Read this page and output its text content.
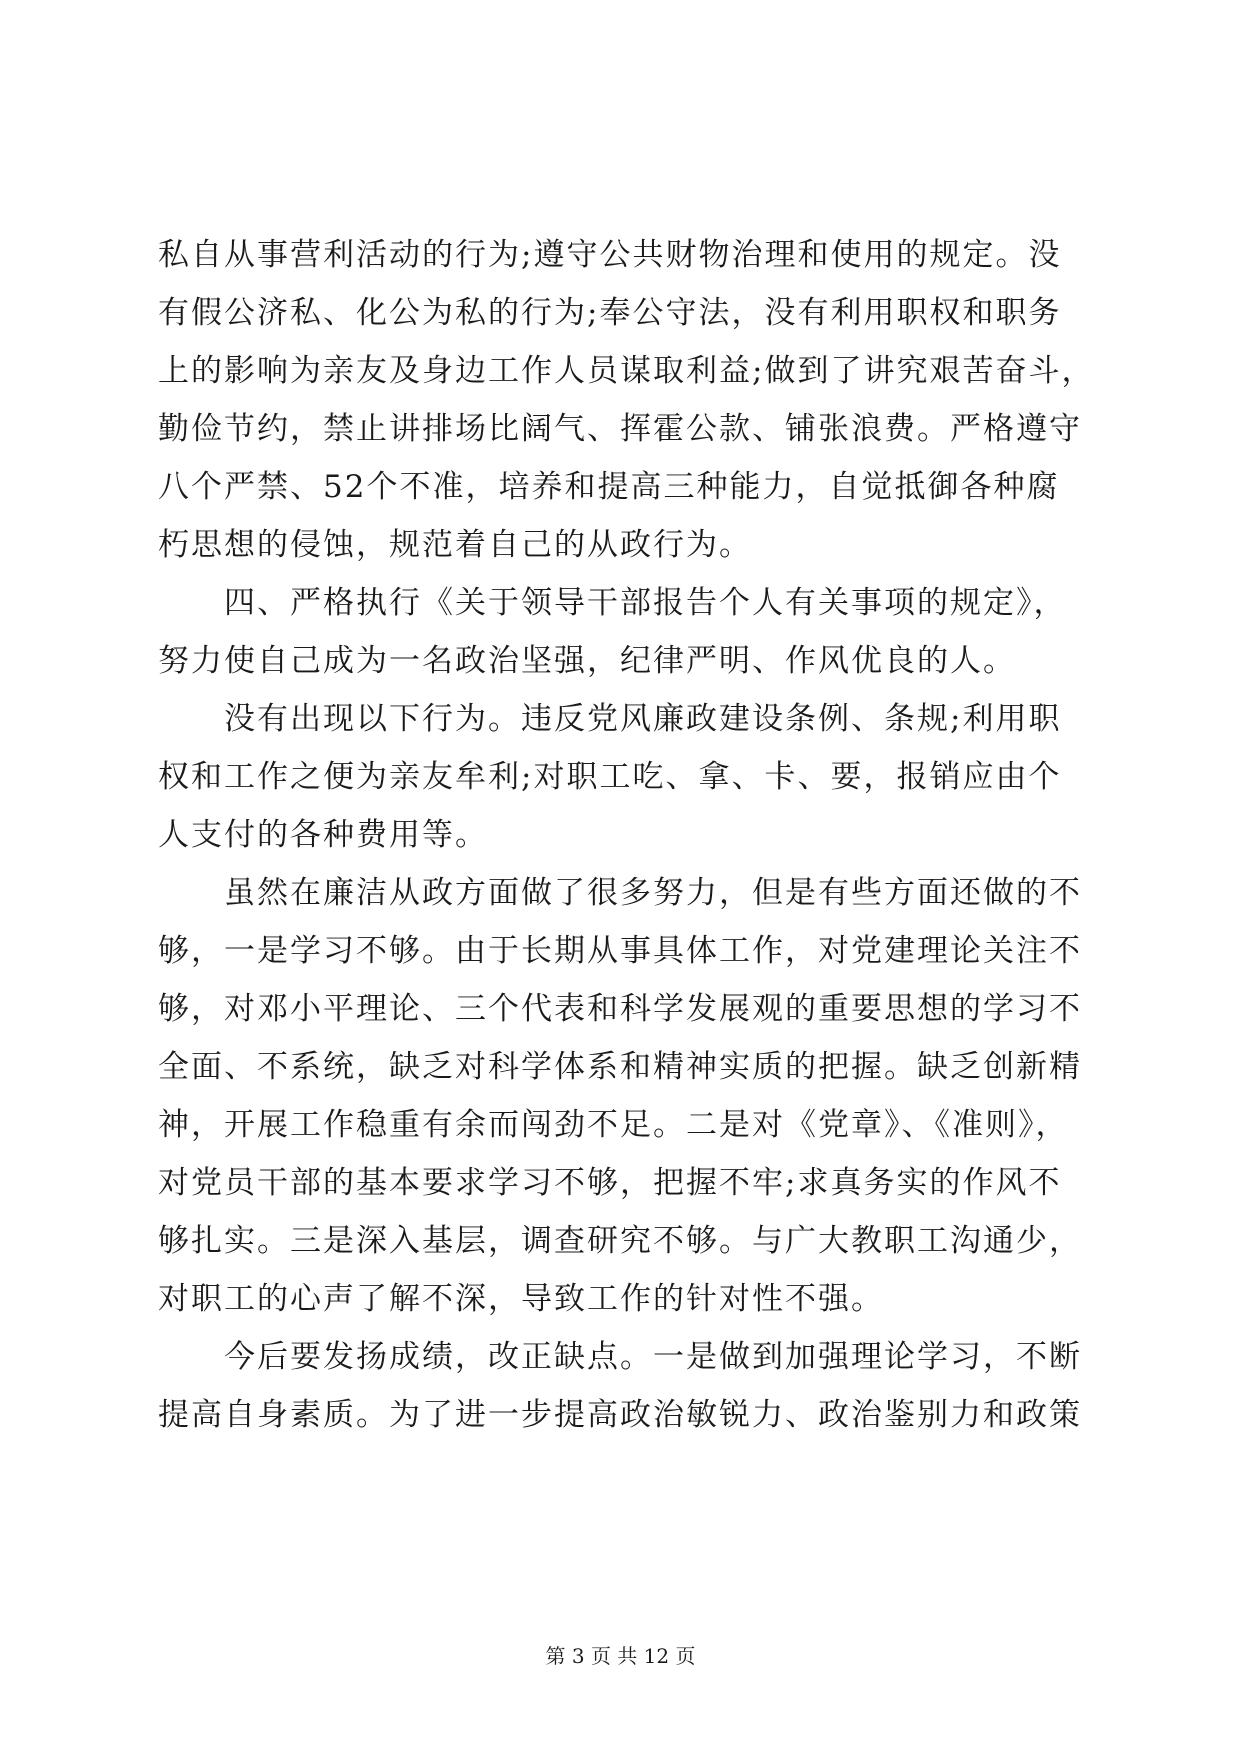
私自从事营利活动的行为;遵守公共财物治理和使用的规定。没
有假公济私、化公为私的行为;奉公守法，没有利用职权和职务
上的影响为亲友及身边工作人员谋取利益;做到了讲究艰苦奋斗，
勤俭节约，禁止讲排场比阔气、挥霍公款、铺张浪费。严格遵守
八个严禁、52个不准，培养和提高三种能力，自觉抵御各种腐
朽思想的侵蚀，规范着自己的从政行为。
　　四、严格执行《关于领导干部报告个人有关事项的规定》，
努力使自己成为一名政治坚强，纪律严明、作风优良的人。
　　没有出现以下行为。违反党风廉政建设条例、条规;利用职
权和工作之便为亲友牟利;对职工吃、拿、卡、要，报销应由个
人支付的各种费用等。
　　虽然在廉洁从政方面做了很多努力，但是有些方面还做的不
够，一是学习不够。由于长期从事具体工作，对党建理论关注不
够，对邓小平理论、三个代表和科学发展观的重要思想的学习不
全面、不系统，缺乏对科学体系和精神实质的把握。缺乏创新精
神，开展工作稳重有余而闯劲不足。二是对《党章》、《准则》，
对党员干部的基本要求学习不够，把握不牢;求真务实的作风不
够扎实。三是深入基层，调查研究不够。与广大教职工沟通少，
对职工的心声了解不深，导致工作的针对性不强。
　　今后要发扬成绩，改正缺点。一是做到加强理论学习，不断
提高自身素质。为了进一步提高政治敏锐力、政治鉴别力和政策
第 3 页 共 12 页
